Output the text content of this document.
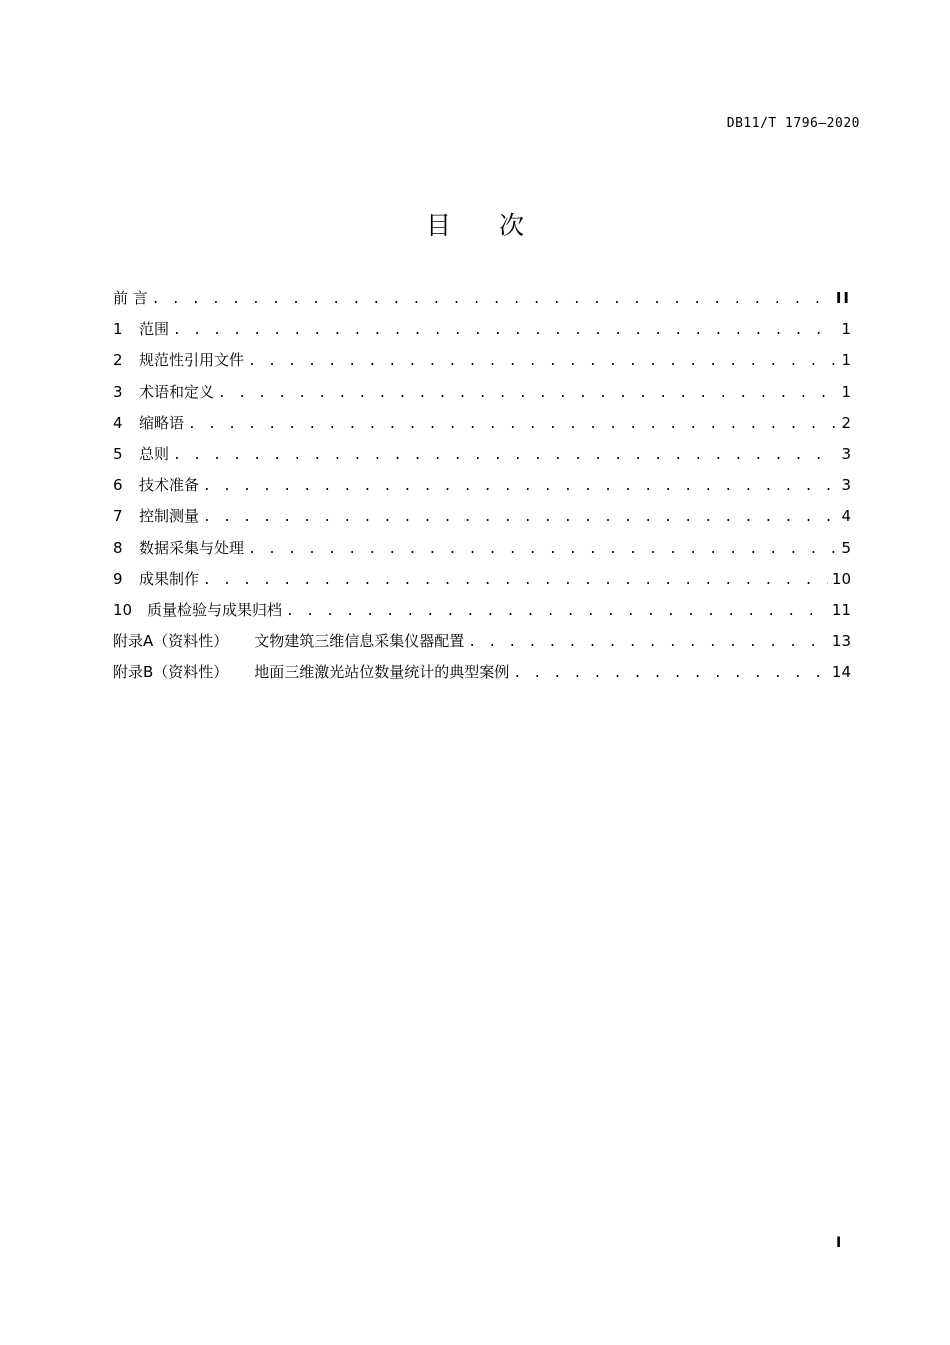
DB11/T 1796—2020
目 次
前 言 . . .	II
1	范围 . . .	1
2	规范性引用文件 . . .	1
3	术语和定义 . . .	1
4	缩略语 . . .	2
5	总则 . . .	3
6	技术准备 . . .	3
7	控制测量 . . .	4
8	数据采集与处理 . . .	5
9	成果制作 . . .	10
10 质量检验与成果归档 . . .	11
附录A（资料性） 文物建筑三维信息采集仪器配置 . . .	13
附录B（资料性） 地面三维激光站位数量统计的典型案例 . . .	14
I
